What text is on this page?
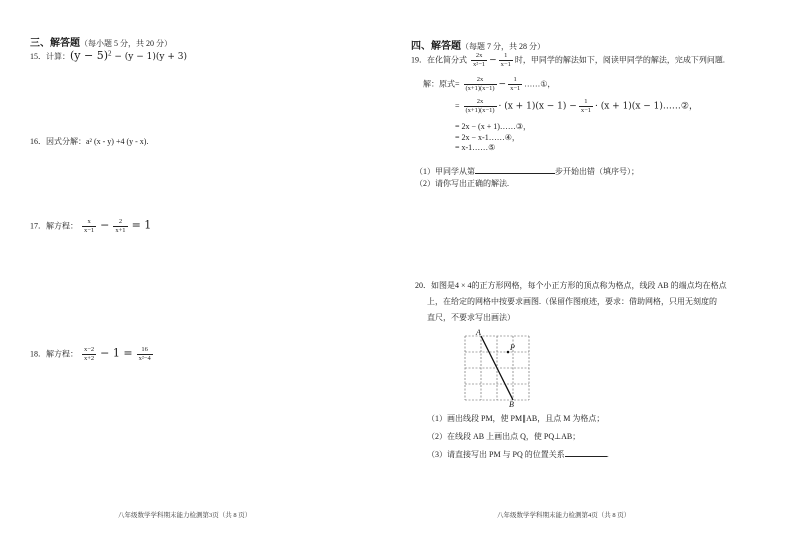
三、解答题（每小题 5 分，共 20 分）
15．计算：$(y - 5)^2 - (y - 1)(y + 3)$
16．因式分解：a² (x - y) +4 (y - x).
17．解方程： $\frac{x}{x-1} - \frac{2}{x+1} = 1$
18．解方程： $\frac{x-2}{x+2} - 1 = \frac{16}{\text{x²−4}}$
八年级数学学科期末能力检测第3页（共 8 页）
四、解答题（每题 7 分，共 28 分）
19．在化简分式 $\frac{2x}{\text{x²−1}} - \frac{1}{x-1}$ 时，甲同学的解法如下，阅读甲同学的解法，完成下列问题.
解：原式= $\frac{2x}{(x+1)(x-1)} - \frac{1}{x-1}$ ……①，
= $\frac{2x}{(x+1)(x-1)} \cdot (x + 1)(x - 1) - \frac{1}{x-1} \cdot (x + 1)(x$ − 1)……②，
= 2x − (x + 1)……③，
= 2x − x-1……④，
= x-1……⑤
（1）甲同学从第	步开始出错（填序号）；
（2）请你写出正确的解法.
20．如图是4 × 4的正方形网格，每个小正方形的顶点称为格点，线段 AB 的端点均在格点
上，在给定的网格中按要求画图.（保留作图痕迹，要求：借助网格，只用无刻度的
直尺，不要求写出画法）
A
B
P
（1）画出线段 PM，使 PM∥AB，且点 M 为格点；
（2）在线段 AB 上画出点 Q，使 PQ⊥AB；
（3）请直接写出 PM 与 PQ 的位置关系	.
八年级数学学科期末能力检测第4页（共 8 页）
